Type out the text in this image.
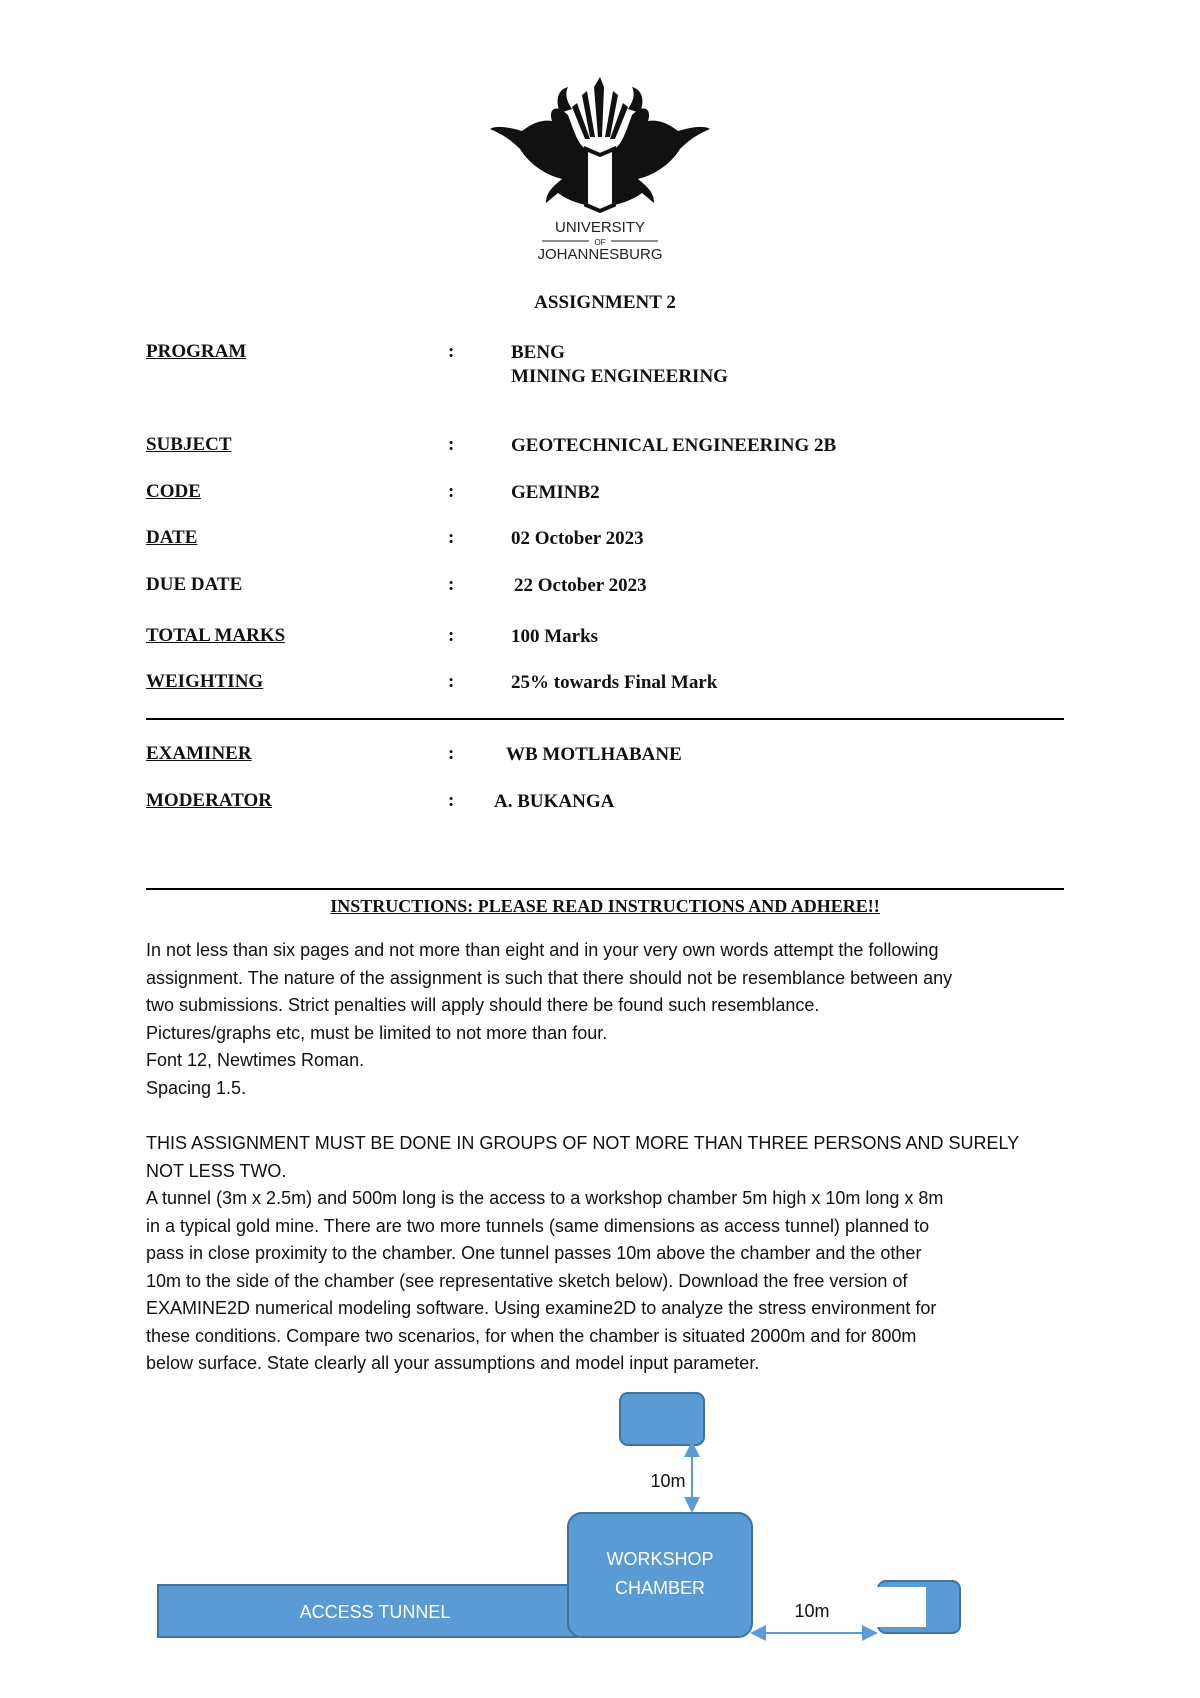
UNIVERSITY
OF
JOHANNESBURG
ASSIGNMENT 2
PROGRAM	:	BENG
MINING ENGINEERING
SUBJECT	:	GEOTECHNICAL ENGINEERING 2B
CODE	:	GEMINB2
DATE	:	02 October 2023
DUE DATE	:	22 October 2023
TOTAL MARKS	:	100 Marks
WEIGHTING	:	25% towards Final Mark
EXAMINER	:	WB MOTLHABANE
MODERATOR	: A. BUKANGA
INSTRUCTIONS: PLEASE READ INSTRUCTIONS AND ADHERE!!

In not less than six pages and not more than eight and in your very own words attempt the following

assignment. The nature of the assignment is such that there should not be resemblance between any

two submissions. Strict penalties will apply should there be found such resemblance.

Pictures/graphs etc, must be limited to not more than four.

Font 12, Newtimes Roman.

Spacing 1.5.

THIS ASSIGNMENT MUST BE DONE IN GROUPS OF NOT MORE THAN THREE PERSONS AND SURELY

NOT LESS TWO.

A tunnel (3m x 2.5m) and 500m long is the access to a workshop chamber 5m high x 10m long x 8m

in a typical gold mine. There are two more tunnels (same dimensions as access tunnel) planned to

pass in close proximity to the chamber. One tunnel passes 10m above the chamber and the other

10m to the side of the chamber (see representative sketch below). Download the free version of

EXAMINE2D numerical modeling software. Using examine2D to analyze the stress environment for

these conditions. Compare two scenarios, for when the chamber is situated 2000m and for 800m

below surface. State clearly all your assumptions and model input parameter.

ACCESS TUNNEL
10m
WORKSHOP
CHAMBER
10m
